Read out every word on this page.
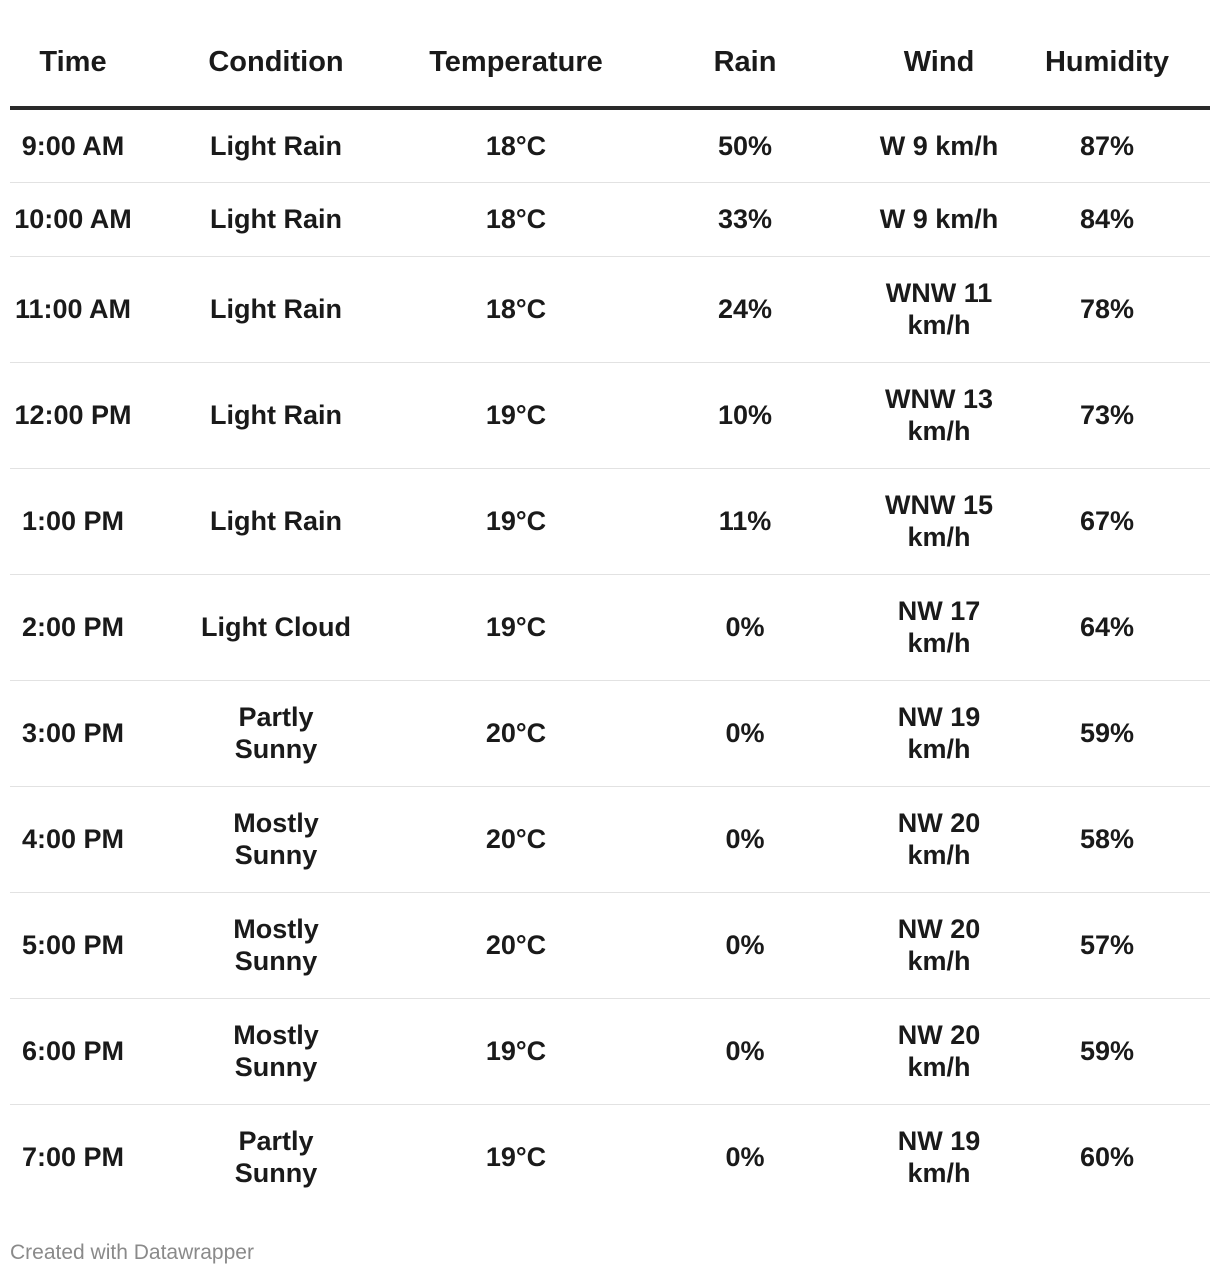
Time	Condition	Temperature	Rain	Wind	Humidity
9:00 AM	Light Rain	18°C	50%	W 9 km/h	87%
10:00 AM	Light Rain	18°C	33%	W 9 km/h	84%
11:00 AM	Light Rain	18°C	24%	WNW 11 km/h	78%
12:00 PM	Light Rain	19°C	10%	WNW 13 km/h	73%
1:00 PM	Light Rain	19°C	11%	WNW 15 km/h	67%
2:00 PM	Light Cloud	19°C	0%	NW 17 km/h	64%
3:00 PM	Partly Sunny	20°C	0%	NW 19 km/h	59%
4:00 PM	Mostly Sunny	20°C	0%	NW 20 km/h	58%
5:00 PM	Mostly Sunny	20°C	0%	NW 20 km/h	57%
6:00 PM	Mostly Sunny	19°C	0%	NW 20 km/h	59%
7:00 PM	Partly Sunny	19°C	0%	NW 19 km/h	60%
Created with Datawrapper
